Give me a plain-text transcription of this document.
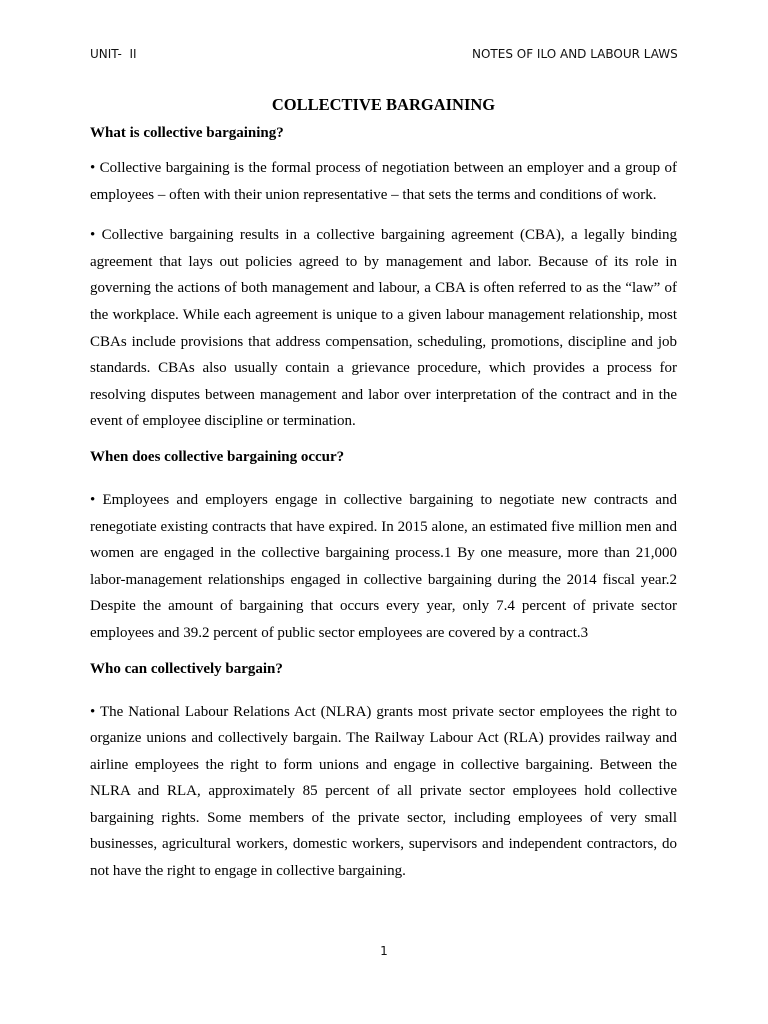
UNIT-  II	NOTES OF ILO AND LABOUR LAWS
COLLECTIVE BARGAINING
What is collective bargaining?

• Collective bargaining is the formal process of negotiation between an employer and a group of employees – often with their union representative – that sets the terms and conditions of work.

• Collective bargaining results in a collective bargaining agreement (CBA), a legally binding agreement that lays out policies agreed to by management and labor. Because of its role in governing the actions of both management and labour, a CBA is often referred to as the “law” of the workplace. While each agreement is unique to a given labour management relationship, most CBAs include provisions that address compensation, scheduling, promotions, discipline and job standards. CBAs also usually contain a grievance procedure, which provides a process for resolving disputes between management and labor over interpretation of the contract and in the event of employee discipline or termination.

When does collective bargaining occur?

• Employees and employers engage in collective bargaining to negotiate new contracts and renegotiate existing contracts that have expired. In 2015 alone, an estimated five million men and women are engaged in the collective bargaining process.1 By one measure, more than 21,000 labor-management relationships engaged in collective bargaining during the 2014 fiscal year.2 Despite the amount of bargaining that occurs every year, only 7.4 percent of private sector employees and 39.2 percent of public sector employees are covered by a contract.3

Who can collectively bargain?

• The National Labour Relations Act (NLRA) grants most private sector employees the right to organize unions and collectively bargain. The Railway Labour Act (RLA) provides railway and airline employees the right to form unions and engage in collective bargaining. Between the NLRA and RLA, approximately 85 percent of all private sector employees hold collective bargaining rights. Some members of the private sector, including employees of very small businesses, agricultural workers, domestic workers, supervisors and independent contractors, do not have the right to engage in collective bargaining.

1
